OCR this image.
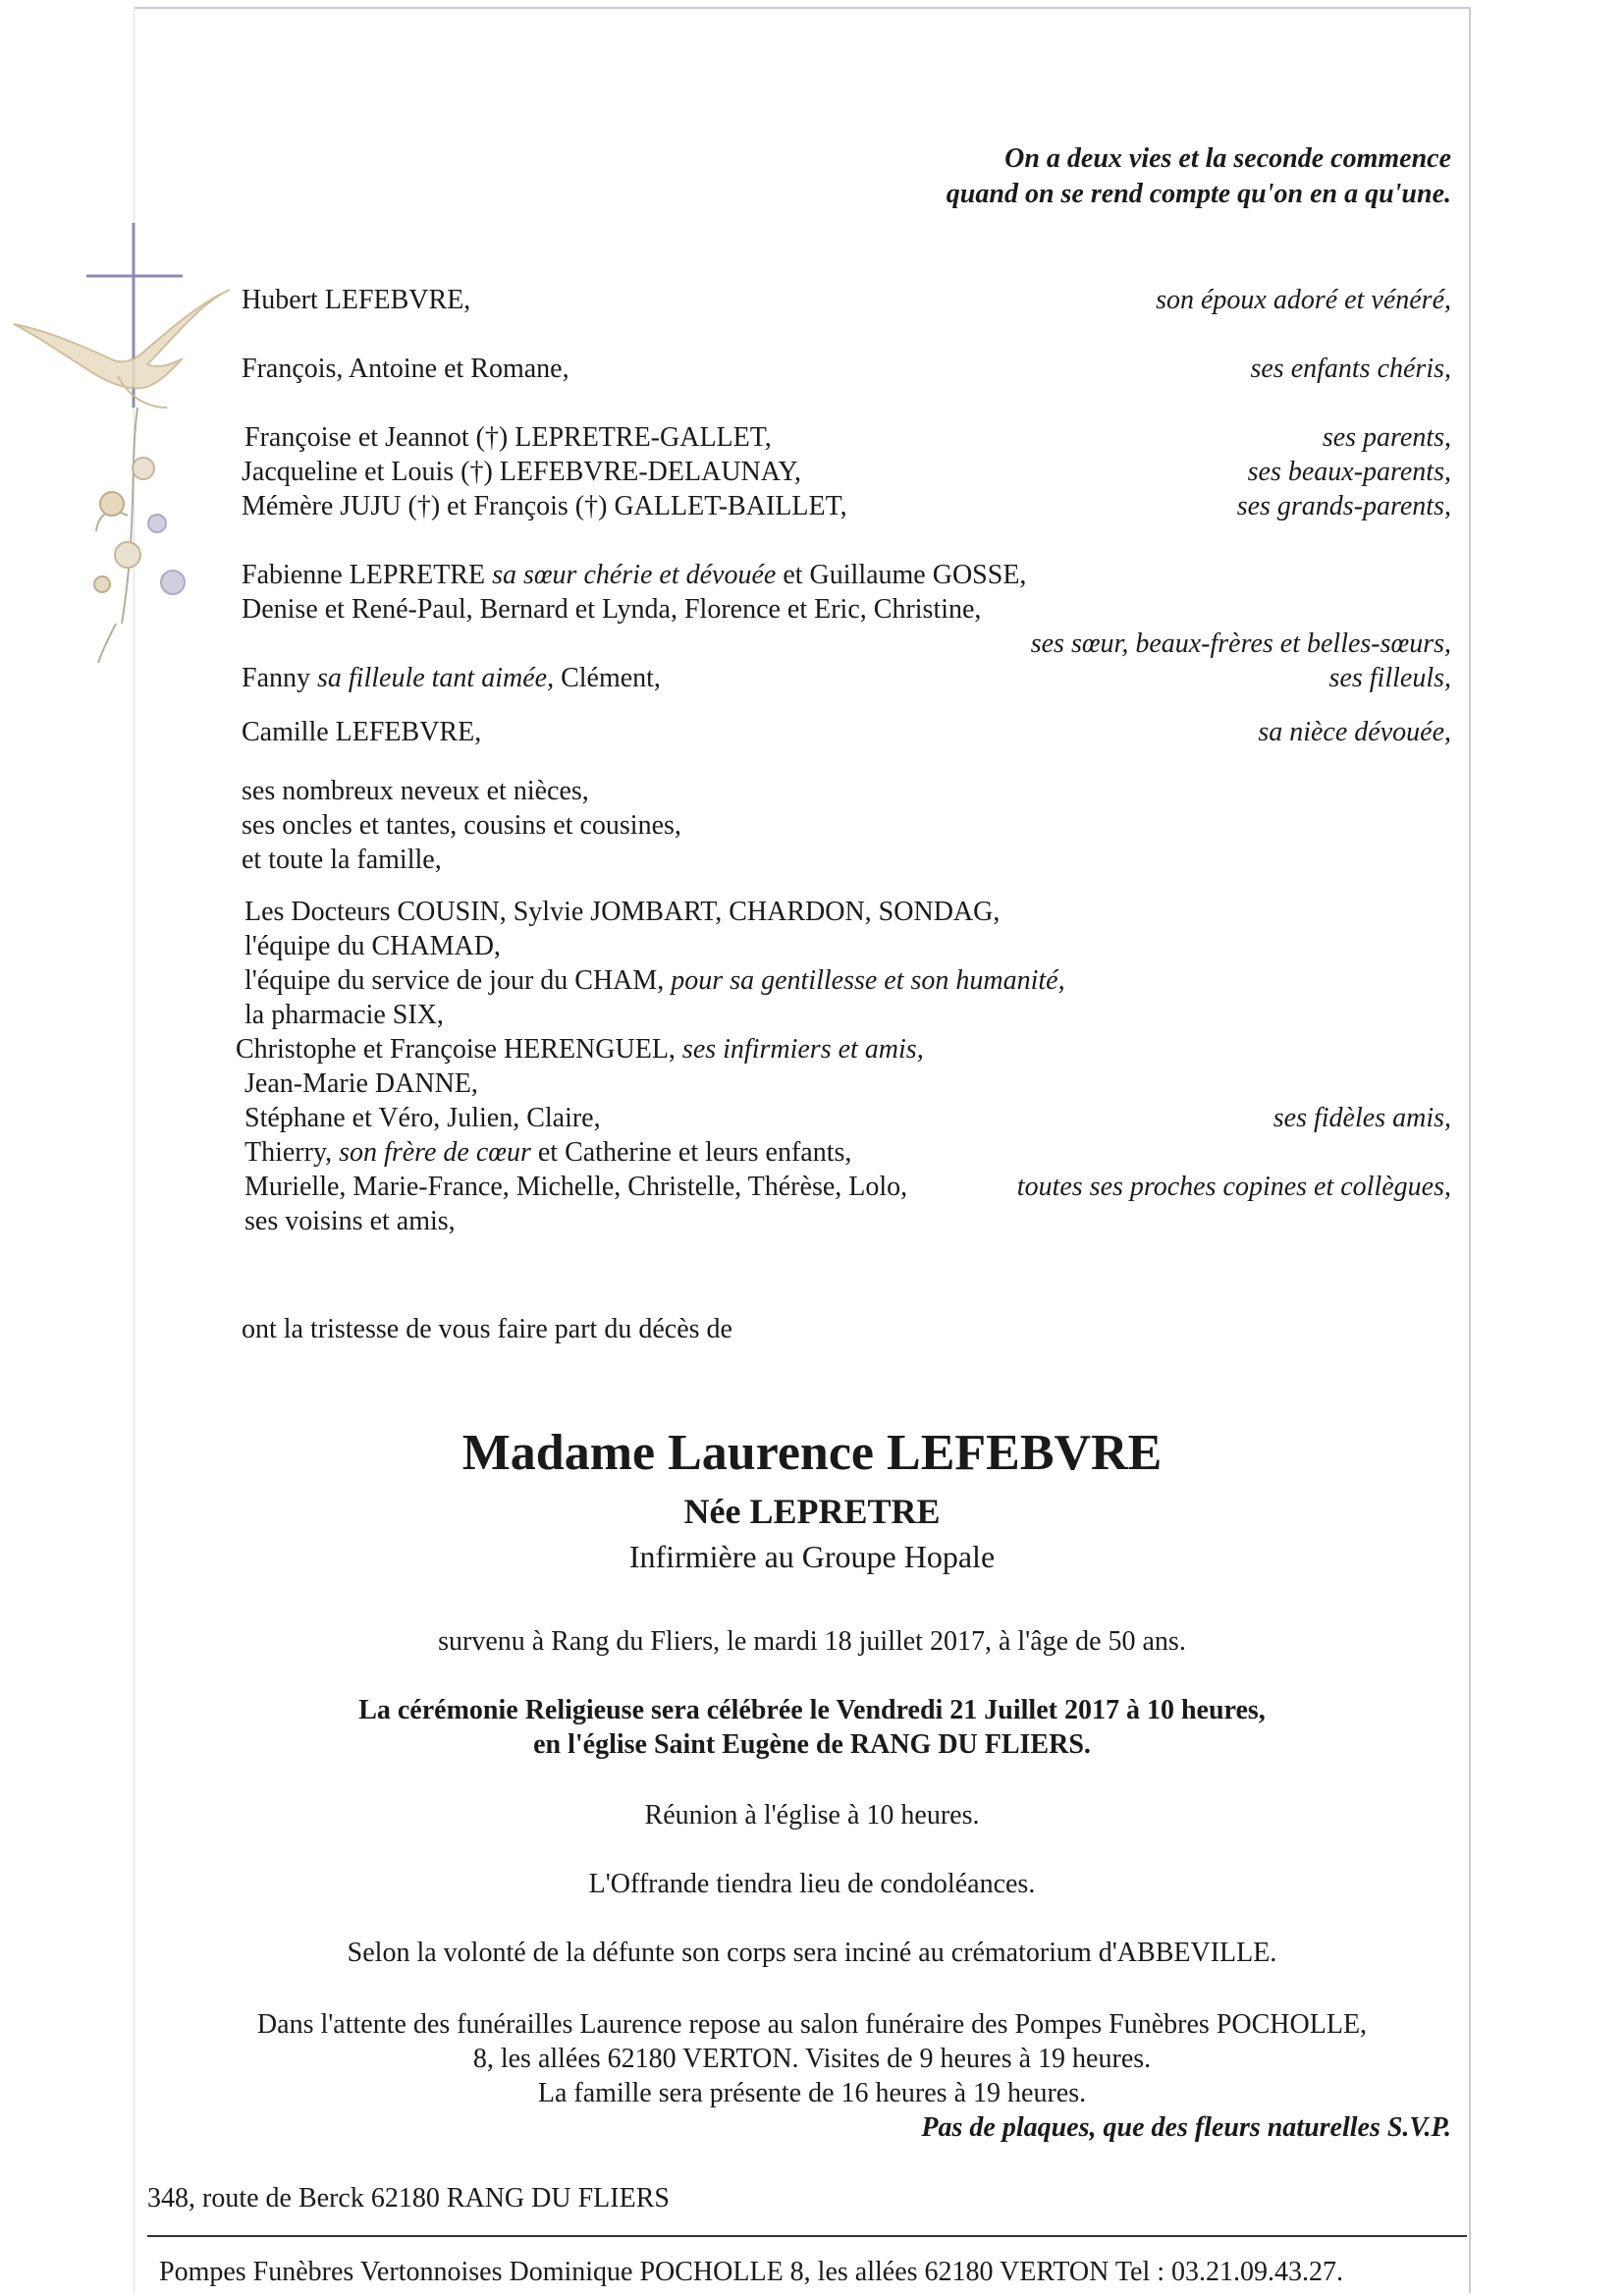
On a deux vies et la seconde commence
quand on se rend compte qu'on en a qu'une.
Hubert LEFEBVRE,	son époux adoré et vénéré,
François, Antoine et Romane,	ses enfants chéris,
Françoise et Jeannot (†) LEPRETRE-GALLET,	ses parents,
Jacqueline et Louis (†) LEFEBVRE-DELAUNAY,	ses beaux-parents,
Mémère JUJU (†) et François (†) GALLET-BAILLET,	ses grands-parents,
Fabienne LEPRETRE sa sœur chérie et dévouée et Guillaume GOSSE,
Denise et René-Paul, Bernard et Lynda, Florence et Eric, Christine,
ses sœur, beaux-frères et belles-sœurs,
Fanny sa filleule tant aimée, Clément,	ses filleuls,
Camille LEFEBVRE,	sa nièce dévouée,
ses nombreux neveux et nièces,
ses oncles et tantes, cousins et cousines,
et toute la famille,
Les Docteurs COUSIN, Sylvie JOMBART, CHARDON, SONDAG,
l'équipe du CHAMAD,
l'équipe du service de jour du CHAM, pour sa gentillesse et son humanité,
la pharmacie SIX,
Christophe et Françoise HERENGUEL, ses infirmiers et amis,
Jean-Marie DANNE,
Stéphane et Véro, Julien, Claire,	ses fidèles amis,
Thierry, son frère de cœur et Catherine et leurs enfants,
Murielle, Marie-France, Michelle, Christelle, Thérèse, Lolo,	toutes ses proches copines et collègues,
ses voisins et amis,
ont la tristesse de vous faire part du décès de
Madame Laurence LEFEBVRE
Née LEPRETRE
Infirmière au Groupe Hopale
survenu à Rang du Fliers, le mardi 18 juillet 2017, à l'âge de 50 ans.
La cérémonie Religieuse sera célébrée le Vendredi 21 Juillet 2017 à 10 heures,
en l'église Saint Eugène de RANG DU FLIERS.
Réunion à l'église à 10 heures.
L'Offrande tiendra lieu de condoléances.
Selon la volonté de la défunte son corps sera inciné au crématorium d'ABBEVILLE.
Dans l'attente des funérailles Laurence repose au salon funéraire des Pompes Funèbres POCHOLLE,
8, les allées 62180 VERTON. Visites de 9 heures à 19 heures.
La famille sera présente de 16 heures à 19 heures.
Pas de plaques, que des fleurs naturelles S.V.P.
348, route de Berck 62180 RANG DU FLIERS
Pompes Funèbres Vertonnoises Dominique POCHOLLE 8, les allées 62180 VERTON Tel : 03.21.09.43.27.
